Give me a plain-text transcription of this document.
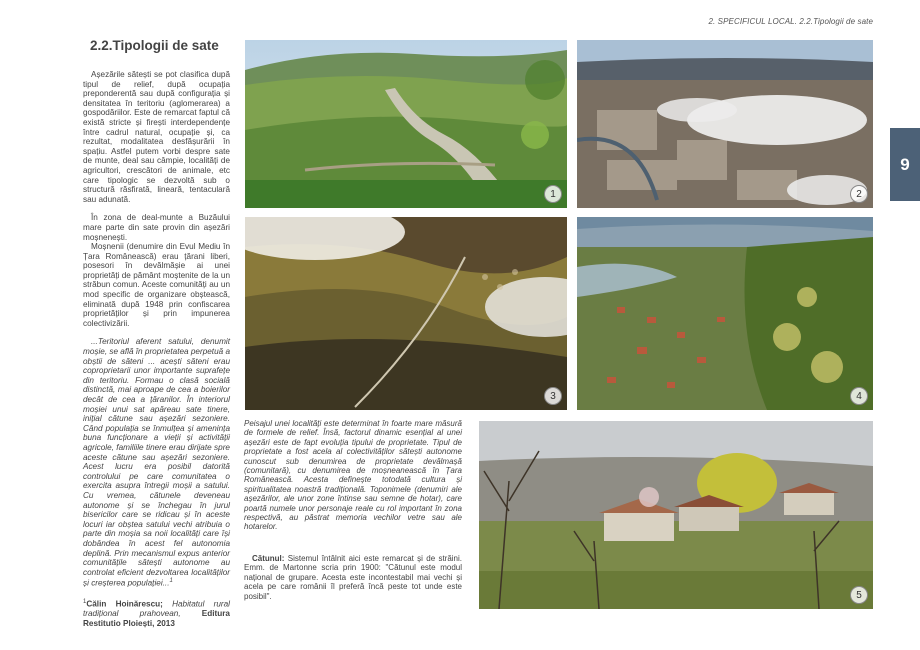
2. SPECIFICUL LOCAL. 2.2.Tipologii de sate
9
2.2.Tipologii de sate

Așezările sătești se pot clasifica după tipul de relief, după ocupația preponderentă sau după configurația și densitatea în teritoriu (aglomerarea) a gospodăriilor. Este de remarcat faptul că există stricte și firești interdependențe între cadrul natural, ocupație și, ca rezultat, modalitatea desfășurării în spațiu. Astfel putem vorbi despre sate de munte, deal sau câmpie, localități de agricultori, crescători de animale, etc care tipologic se dezvoltă sub o structură răsfirată, lineară, tentaculară sau adunată.

În zona de deal-munte a Buzăului mare parte din sate provin din așezări moșnenești.

Moșnenii (denumire din Evul Mediu în Țara Românească) erau țărani liberi, posesori în devălmășie ai unei proprietăți de pământ moștenite de la un străbun comun. Aceste comunități au un mod specific de organizare obștească, eliminată după 1948 prin confiscarea proprietăților și prin impunerea colectivizării.

...Teritoriul aferent satului, denumit moșie, se află în proprietatea perpetuă a obștii de săteni ... acești săteni erau coproprietarii unor importante suprafețe din teritoriu. Formau o clasă socială distinctă, mai aproape de cea a boierilor decât de cea a țăranilor. În interiorul moșiei unui sat apăreau sate tinere, inițial cătune sau așezări sezoniere. Când populația se înmulțea și amenința buna funcționare a vieții și activității agricole, familiile tinere erau dirijate spre aceste cătune sau așezări sezoniere. Acest lucru era posibil datorită controlului pe care comunitatea o exercita asupra întregii moșii a satului. Cu vremea, cătunele deveneau autonome și se închegau în jurul bisericilor care se ridicau și în aceste locuri iar obștea satului vechi atribuia o parte din moșia sa noii localități care își dobândea în acest fel autonomia deplină. Prin mecanismul expus anterior comunitățile sătești autonome au controlat eficient dezvoltarea localităților și creșterea populației...$^1$

$^1$Călin Hoinărescu; Habitatul rural tradițional prahovean,	Editura Restitutio Ploiești, 2013

1	2
3	4
5
Peisajul unei localități este determinat în foarte mare măsură de formele de relief. Însă, factorul dinamic esențial al unei așezări este de fapt evoluția tipului de proprietate. Tipul de proprietate a fost acela al colectivităților sătești autonome cunoscut sub denumirea de proprietate devălmașă (comunitară), cu denumirea de moșneanească în Țara Românească. Acesta definește totodată cultura și spiritualitatea noastră tradițională. Toponimele (denumiri ale așezărilor, ale unor zone întinse sau semne de hotar), care poartă numele unor personaje reale cu rol important în zona respectivă, au păstrat memoria vechilor vetre sau ale hotarelor.

Cătunul: Sistemul întâlnit aici este remarcat și de străini. Emm. de Martonne scria prin 1900: "Cătunul este modul național de grupare. Acesta este incontestabil mai vechi și acela pe care românii îl preferă încă peste tot unde este posibil".
